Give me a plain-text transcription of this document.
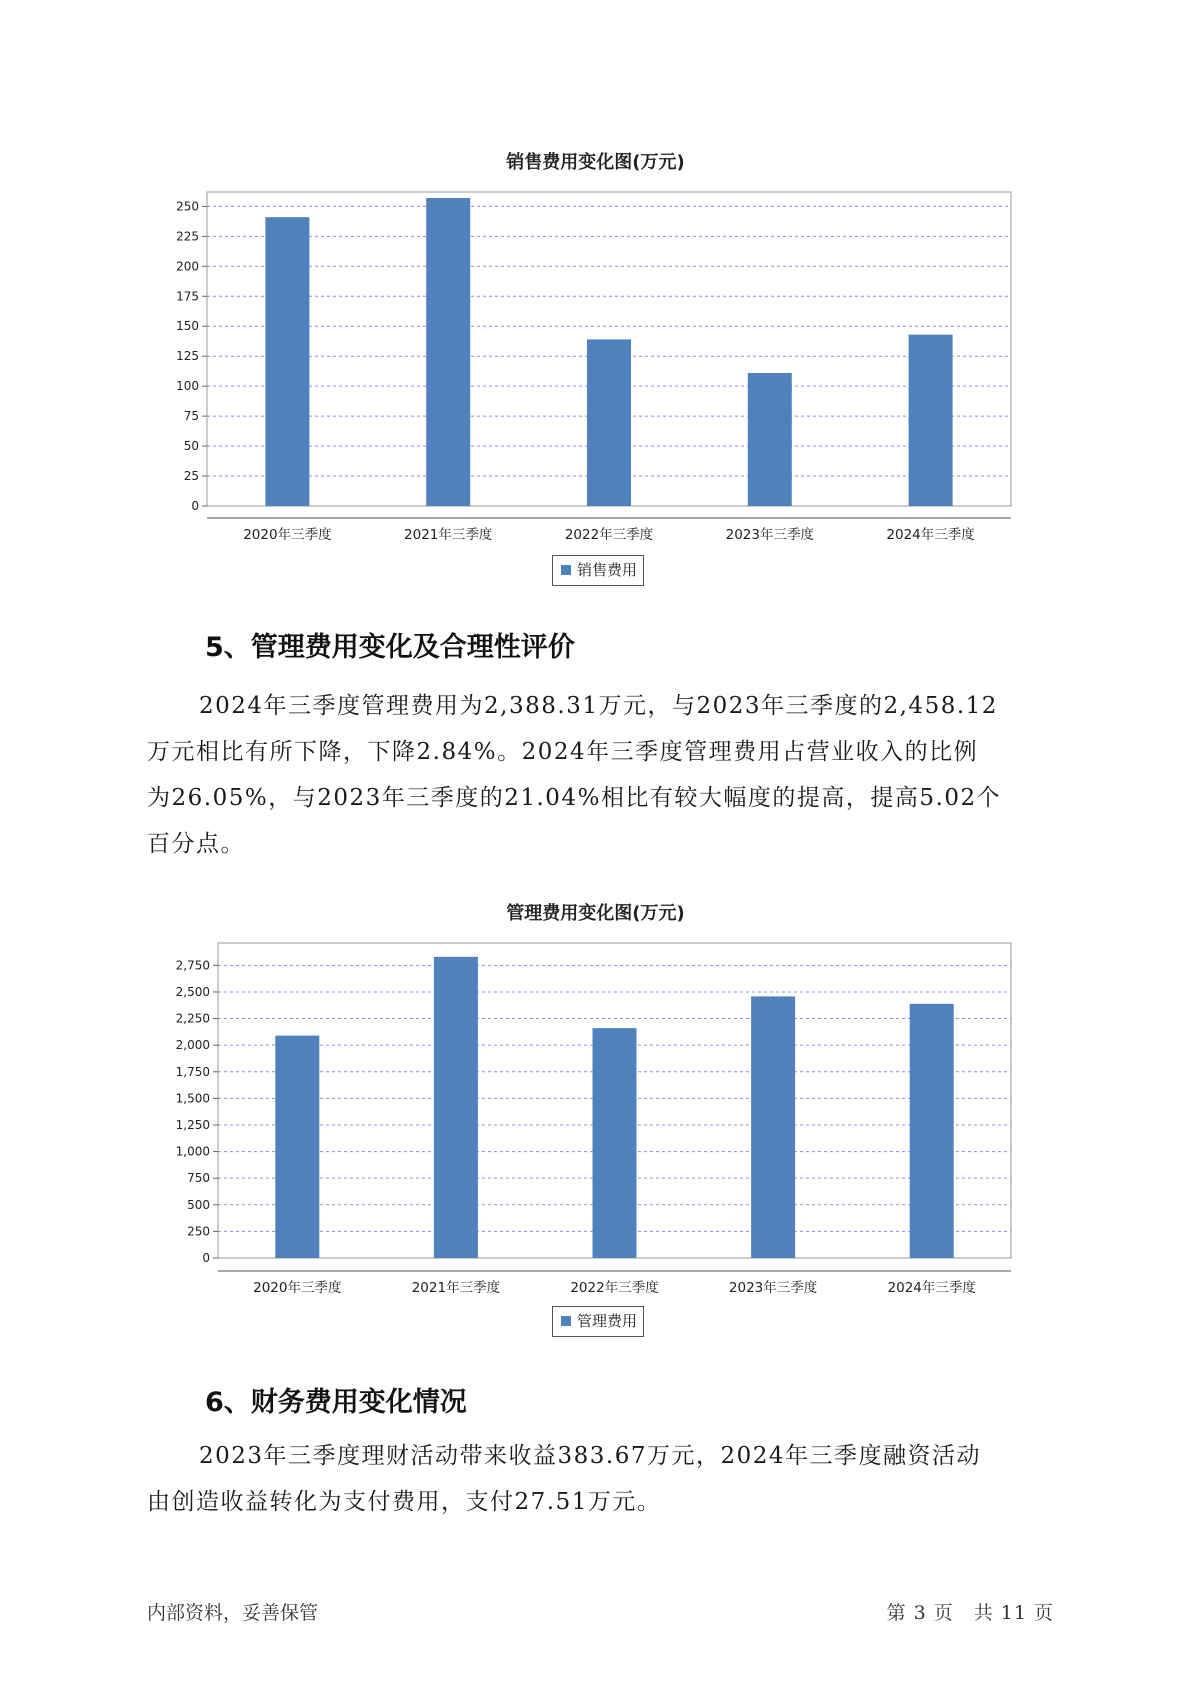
销售费用变化图(万元)
0
25
50
75
100
125
150
175
200
225
250
2020年三季度	2021年三季度	2022年三季度	2023年三季度	2024年三季度
销售费用
5、管理费用变化及合理性评价
2024年三季度管理费用为2,388.31万元，与2023年三季度的2,458.12
万元相比有所下降，下降2.84%。2024年三季度管理费用占营业收入的比例
为26.05%，与2023年三季度的21.04%相比有较大幅度的提高，提高5.02个
百分点。
管理费用变化图(万元)
0
250
500
750
1,000
1,250
1,500
1,750
2,000
2,250
2,500
2,750
2020年三季度	2021年三季度	2022年三季度	2023年三季度	2024年三季度
管理费用
6、财务费用变化情况
2023年三季度理财活动带来收益383.67万元，2024年三季度融资活动
由创造收益转化为支付费用，支付27.51万元。
内部资料，妥善保管	第 3 页　共 11 页
